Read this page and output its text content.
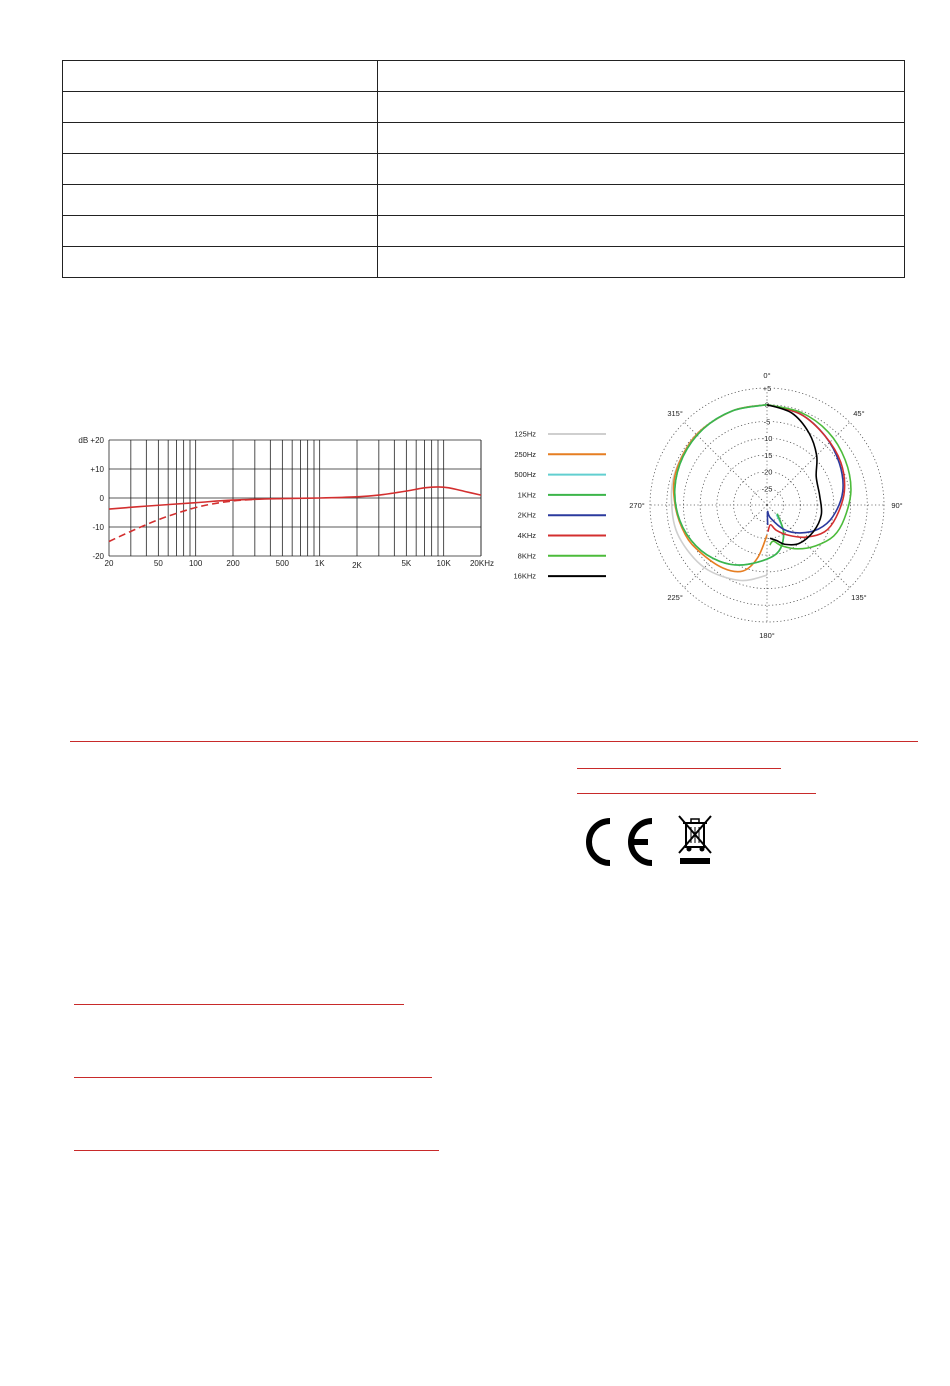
dB +20
+10
0
-10
-20
20	50	100	200	500	1K	2K	5K	10K 20KHz
0°
45°
90°
135°
180°
225°
270°
315°
+5
0
-5
-10
-15
-20
-25
125Hz
250Hz
500Hz
1KHz
2KHz
4KHz
8KHz
16KHz
